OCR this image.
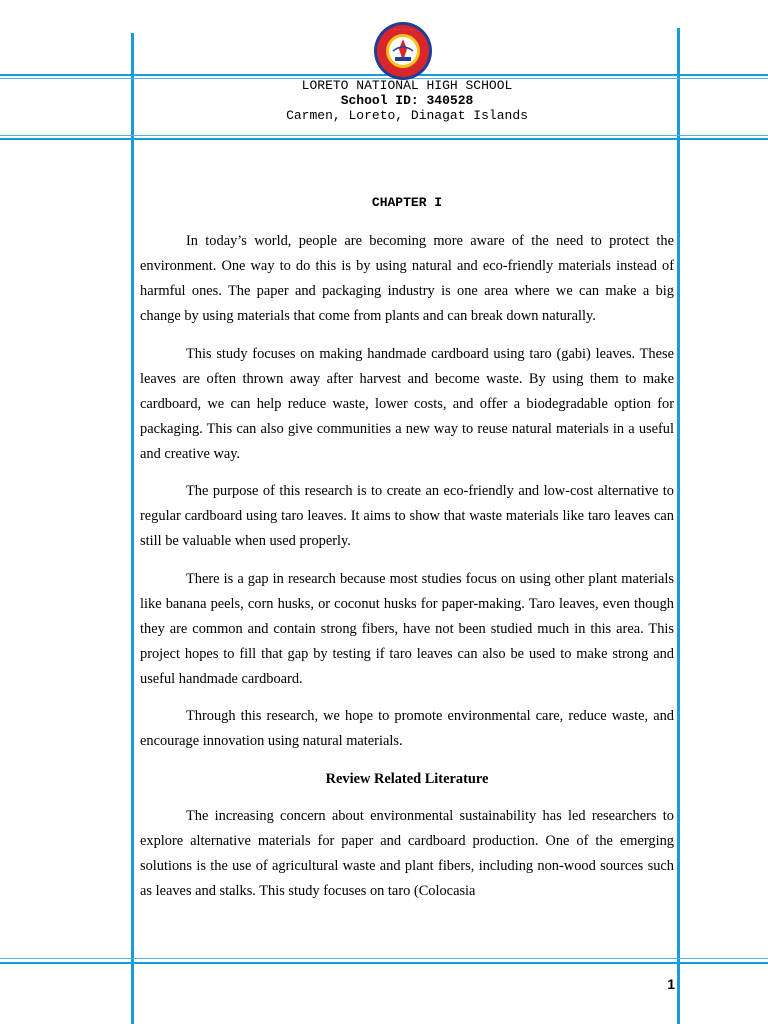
· · · · · · · ·
LORETO NATIONAL HIGH SCHOOL
School ID: 340528
Carmen, Loreto, Dinagat Islands
CHAPTER I

In today’s world, people are becoming more aware of the need to protect the environment. One way to do this is by using natural and eco-friendly materials instead of harmful ones. The paper and packaging industry is one area where we can make a big change by using materials that come from plants and can break down naturally.

This study focuses on making handmade cardboard using taro (gabi) leaves. These leaves are often thrown away after harvest and become waste. By using them to make cardboard, we can help reduce waste, lower costs, and offer a biodegradable option for packaging. This can also give communities a new way to reuse natural materials in a useful and creative way.

The purpose of this research is to create an eco-friendly and low-cost alternative to regular cardboard using taro leaves. It aims to show that waste materials like taro leaves can still be valuable when used properly.

There is a gap in research because most studies focus on using other plant materials like banana peels, corn husks, or coconut husks for paper-making. Taro leaves, even though they are common and contain strong fibers, have not been studied much in this area. This project hopes to fill that gap by testing if taro leaves can also be used to make strong and useful handmade cardboard.

Through this research, we hope to promote environmental care, reduce waste, and encourage innovation using natural materials.

Review Related Literature

The increasing concern about environmental sustainability has led researchers to explore alternative materials for paper and cardboard production. One of the emerging solutions is the use of agricultural waste and plant fibers, including non-wood sources such as leaves and stalks. This study focuses on taro (Colocasia

1
